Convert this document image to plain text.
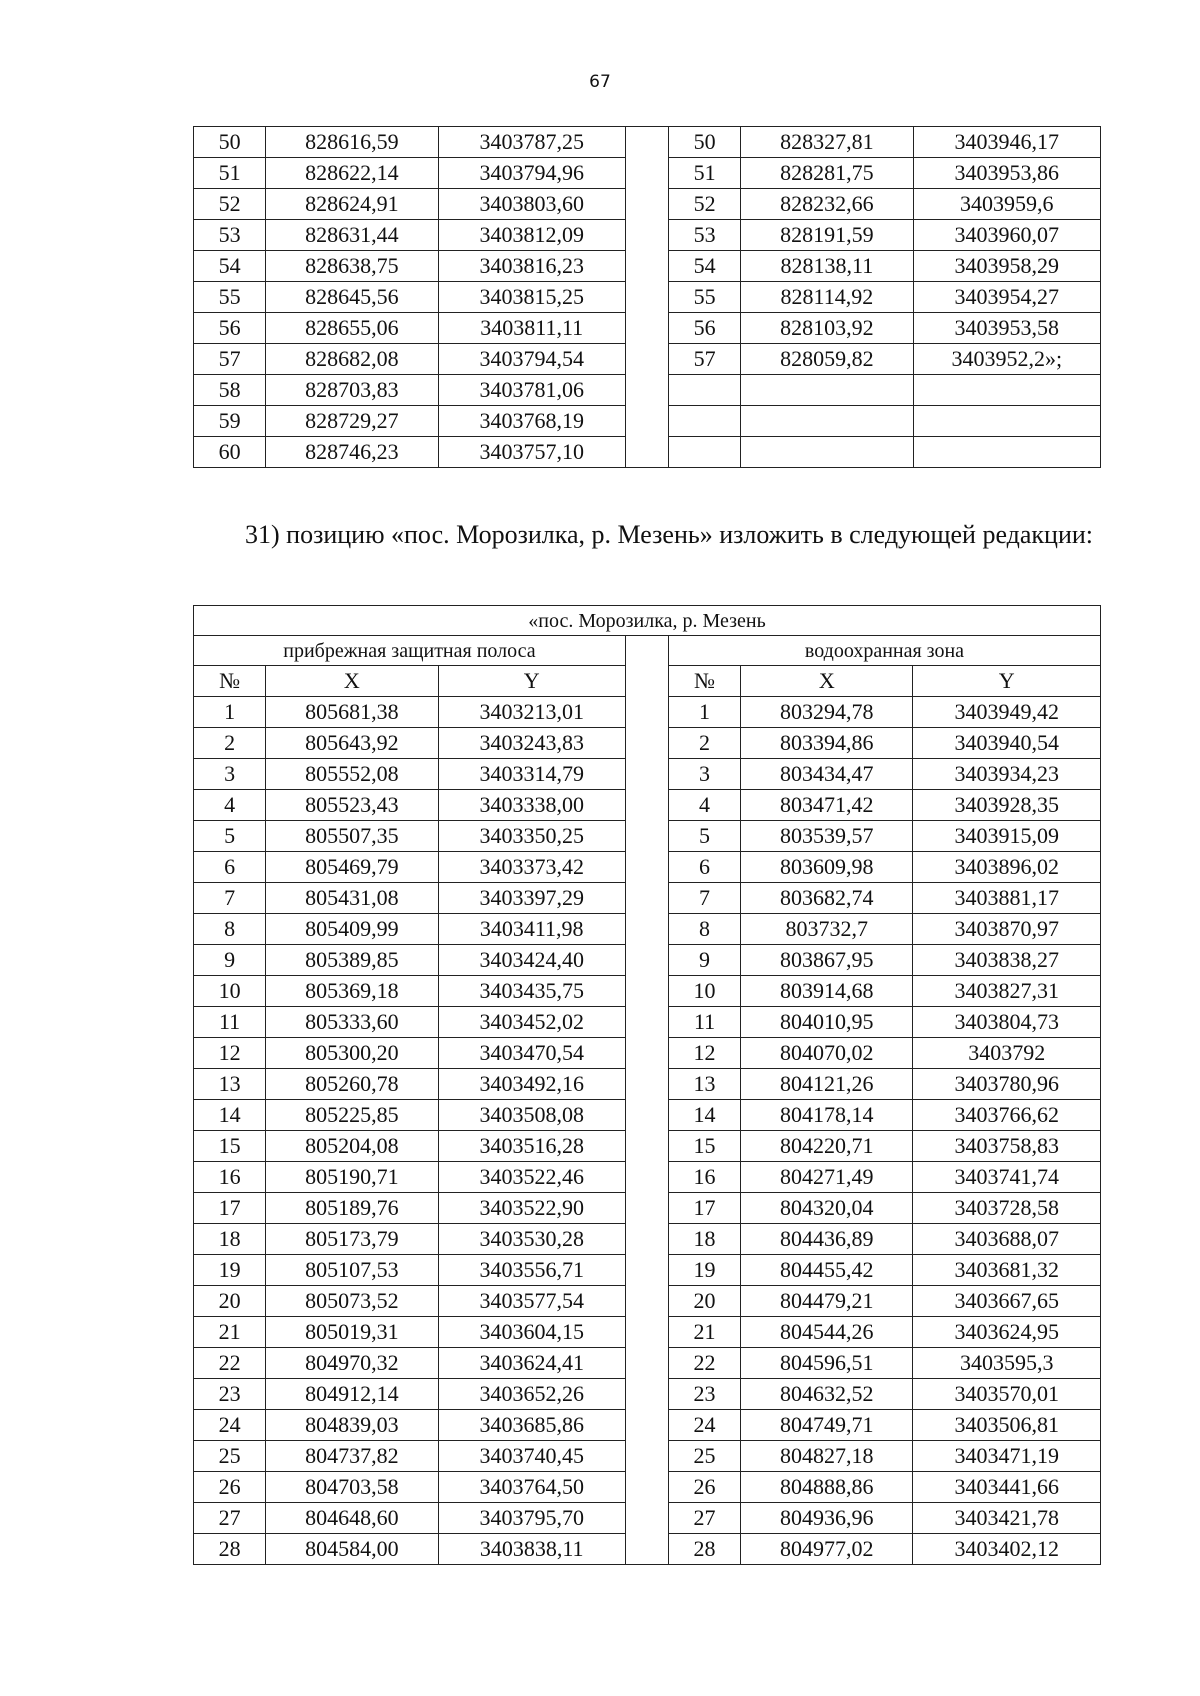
67
50	828616,59	3403787,25		50	828327,81	3403946,17
51	828622,14	3403794,96		51	828281,75	3403953,86
52	828624,91	3403803,60		52	828232,66	3403959,6
53	828631,44	3403812,09		53	828191,59	3403960,07
54	828638,75	3403816,23		54	828138,11	3403958,29
55	828645,56	3403815,25		55	828114,92	3403954,27
56	828655,06	3403811,11		56	828103,92	3403953,58
57	828682,08	3403794,54		57	828059,82	3403952,2»;
58	828703,83	3403781,06				
59	828729,27	3403768,19				
60	828746,23	3403757,10				

31) позицию «пос. Морозилка, р. Мезень» изложить в следующей редакции:

«пос. Морозилка, р. Мезень						
прибрежная защитная полоса				водоохранная зона		
№	X	Y		№	X	Y
1	805681,38	3403213,01		1	803294,78	3403949,42
2	805643,92	3403243,83		2	803394,86	3403940,54
3	805552,08	3403314,79		3	803434,47	3403934,23
4	805523,43	3403338,00		4	803471,42	3403928,35
5	805507,35	3403350,25		5	803539,57	3403915,09
6	805469,79	3403373,42		6	803609,98	3403896,02
7	805431,08	3403397,29		7	803682,74	3403881,17
8	805409,99	3403411,98		8	803732,7	3403870,97
9	805389,85	3403424,40		9	803867,95	3403838,27
10	805369,18	3403435,75		10	803914,68	3403827,31
11	805333,60	3403452,02		11	804010,95	3403804,73
12	805300,20	3403470,54		12	804070,02	3403792
13	805260,78	3403492,16		13	804121,26	3403780,96
14	805225,85	3403508,08		14	804178,14	3403766,62
15	805204,08	3403516,28		15	804220,71	3403758,83
16	805190,71	3403522,46		16	804271,49	3403741,74
17	805189,76	3403522,90		17	804320,04	3403728,58
18	805173,79	3403530,28		18	804436,89	3403688,07
19	805107,53	3403556,71		19	804455,42	3403681,32
20	805073,52	3403577,54		20	804479,21	3403667,65
21	805019,31	3403604,15		21	804544,26	3403624,95
22	804970,32	3403624,41		22	804596,51	3403595,3
23	804912,14	3403652,26		23	804632,52	3403570,01
24	804839,03	3403685,86		24	804749,71	3403506,81
25	804737,82	3403740,45		25	804827,18	3403471,19
26	804703,58	3403764,50		26	804888,86	3403441,66
27	804648,60	3403795,70		27	804936,96	3403421,78
28	804584,00	3403838,11		28	804977,02	3403402,12
